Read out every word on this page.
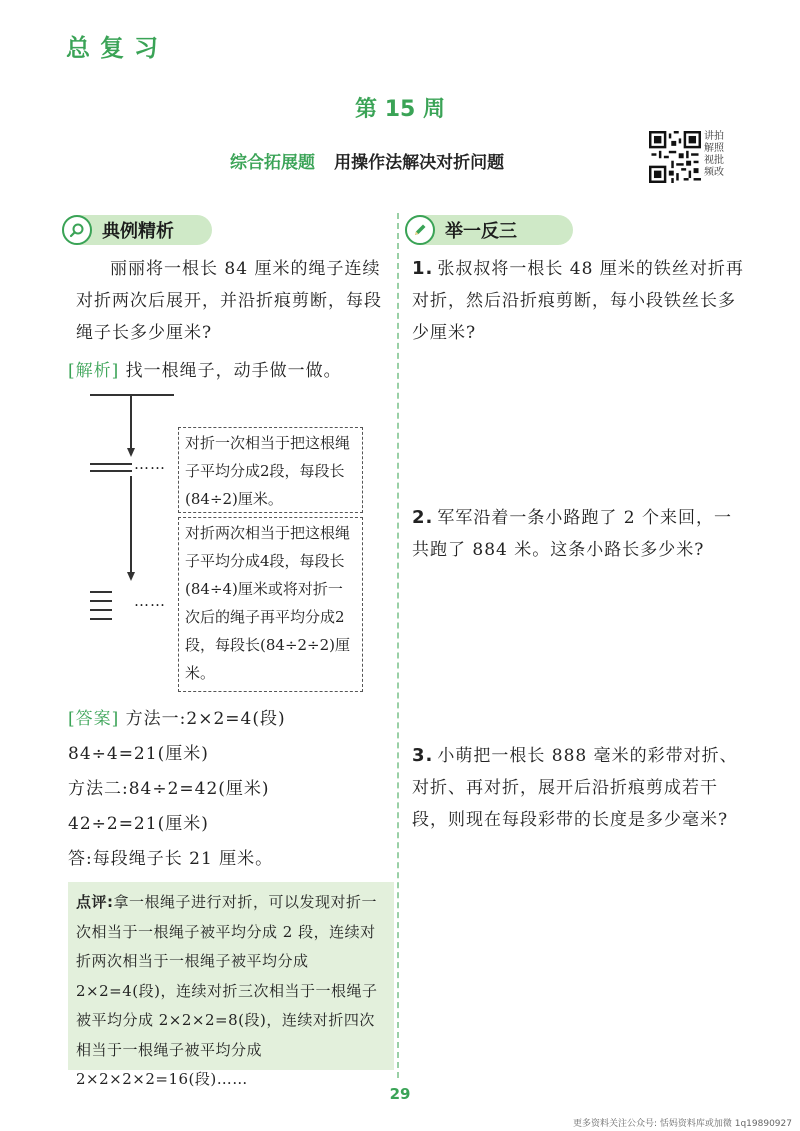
总复习
第 15 周
综合拓展题 用操作法解决对折问题
讲拍
解照
视批
频改
典例精析
丽丽将一根长 84 厘米的绳子连续对折两次后展开，并沿折痕剪断，每段绳子长多少厘米?
[解析] 找一根绳子，动手做一做。
……
……
对折一次相当于把这根绳子平均分成2段，每段长(84÷2)厘米。
对折两次相当于把这根绳子平均分成4段，每段长(84÷4)厘米或将对折一次后的绳子再平均分成2段，每段长(84÷2÷2)厘米。
[答案] 方法一:2×2=4(段)
84÷4=21(厘米)
方法二:84÷2=42(厘米)
42÷2=21(厘米)
答:每段绳子长 21 厘米。
点评:拿一根绳子进行对折，可以发现对折一次相当于一根绳子被平均分成 2 段，连续对折两次相当于一根绳子被平均分成 2×2=4(段)，连续对折三次相当于一根绳子被平均分成 2×2×2=8(段)，连续对折四次相当于一根绳子被平均分成 2×2×2×2=16(段)……
举一反三
1. 张叔叔将一根长 48 厘米的铁丝对折再对折，然后沿折痕剪断，每小段铁丝长多少厘米?
2. 军军沿着一条小路跑了 2 个来回，一共跑了 884 米。这条小路长多少米?
3. 小萌把一根长 888 毫米的彩带对折、对折、再对折，展开后沿折痕剪成若干段，则现在每段彩带的长度是多少毫米?
29
更多资料关注公众号: 恬妈资料库或加微 1q19890927
